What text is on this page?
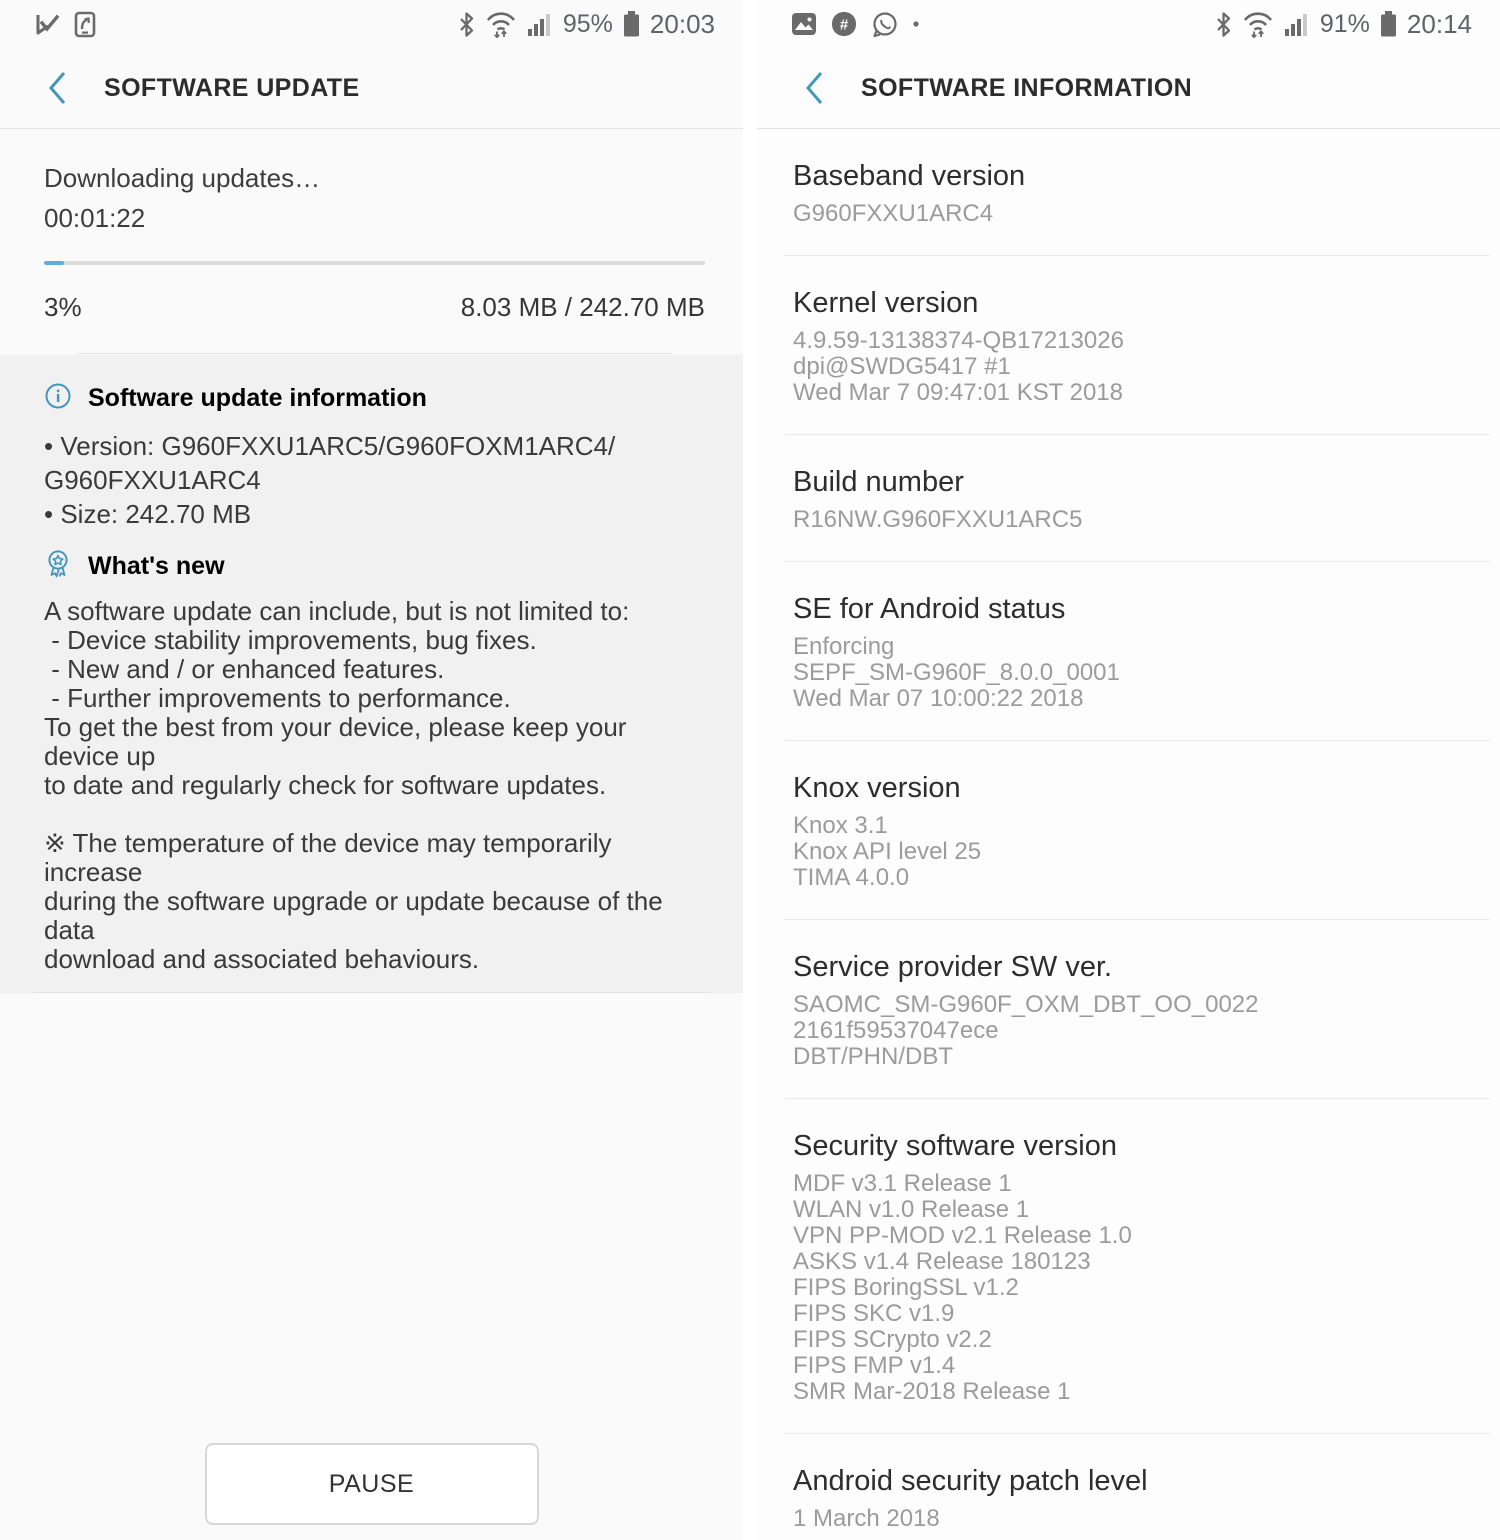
95% 20:03
SOFTWARE UPDATE
Downloading updates…
00:01:22
3%	8.03 MB / 242.70 MB
Software update information
• Version: G960FXXU1ARC5/G960FOXM1ARC4/
G960FXXU1ARC4
• Size: 242.70 MB
What's new
A software update can include, but is not limited to:
- Device stability improvements, bug fixes.
- New and / or enhanced features.
- Further improvements to performance.
To get the best from your device, please keep your device up
to date and regularly check for software updates.
※ The temperature of the device may temporarily increase
during the software upgrade or update because of the data
download and associated behaviours.
PAUSE
#	91% 20:14
SOFTWARE INFORMATION
Baseband version
G960FXXU1ARC4
Kernel version
4.9.59-13138374-QB17213026
dpi@SWDG5417 #1
Wed Mar 7 09:47:01 KST 2018
Build number
R16NW.G960FXXU1ARC5
SE for Android status
Enforcing
SEPF_SM-G960F_8.0.0_0001
Wed Mar 07 10:00:22 2018
Knox version
Knox 3.1
Knox API level 25
TIMA 4.0.0
Service provider SW ver.
SAOMC_SM-G960F_OXM_DBT_OO_0022
2161f59537047ece
DBT/PHN/DBT
Security software version
MDF v3.1 Release 1
WLAN v1.0 Release 1
VPN PP-MOD v2.1 Release 1.0
ASKS v1.4 Release 180123
FIPS BoringSSL v1.2
FIPS SKC v1.9
FIPS SCrypto v2.2
FIPS FMP v1.4
SMR Mar-2018 Release 1
Android security patch level
1 March 2018
